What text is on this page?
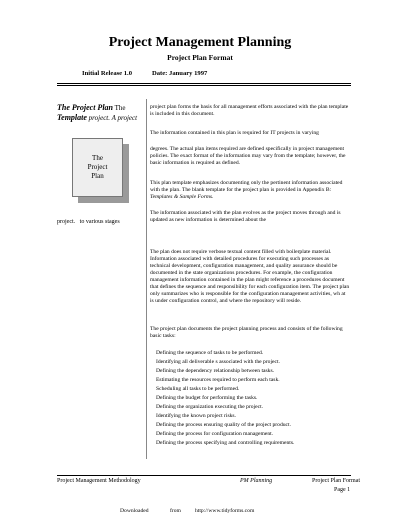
Project Management Planning
Project Plan Format
Initial Release 1.0	Date: January 1997
The Project Plan The
Template project. A project
The
Project
Plan
project.   to various stages
project plan forms the basis for all management efforts associated with the plan template is included in this document.
The information contained in this plan is required for IT projects in varying
degrees. The actual plan items required are defined specifically in project management policies. The exact format of the information may vary from the template; however, the basic information is required as defined.
This plan template emphasizes documenting only the pertinent information associated with the plan. The blank template for the project plan is provided in Appendix B: Templates & Sample Forms.
The information associated with the plan evolves as the project moves through and is updated as new information is determined about the
The plan does not require verbose textual content filled with boilerplate material. Information associated with detailed procedures for executing such processes as technical development, configuration management, and quality assurance should be documented in the state organizations procedures. For example, the configuration management information contained in the plan might reference a procedures document that defines the sequence and responsibility for each configuration item. The project plan only summarizes who is responsible for the configuration management activities, wh at is under configuration control, and where the repository will reside.
The project plan documents the project planning process and consists of the following basic tasks:
Defining the sequence of tasks to be performed.
Identifying all deliverable s associated with the project.
Defining the dependency relationship between tasks.
Estimating the resources required to perform each task.
Scheduling all tasks to be performed.
Defining the budget for performing the tasks.
Defining the organization executing the project.
Identifying the known project risks.
Defining the process ensuring quality of the project product.
Defining the process for configuration management.
Defining the process specifying and controlling requirements.
Project Management Methodology	PM Planning	Project Plan Format
Page 1
Downloaded	from	http://www.tidyforms.com
